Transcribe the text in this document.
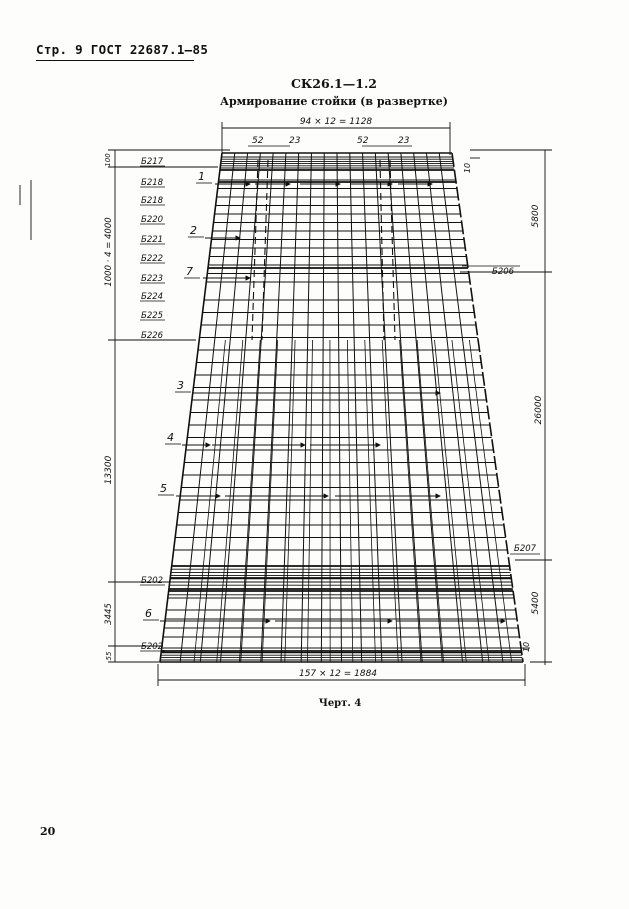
Стр. 9 ГОСТ 22687.1—85
СК26.1—1.2
Армирование стойки (в развертке)
94 × 12 = 1128
52	23	52	23
157 × 12 = 1884
5800
26000
5400
10
10
Б206
Б207
100
1000 · 4 = 4000
13300
3445
55
Б217
Б218
Б218
Б220
Б221
Б222
Б223
Б224
Б225
Б226
Б202
Б202
1
2
7
3
4
5
6
Черт. 4
20
